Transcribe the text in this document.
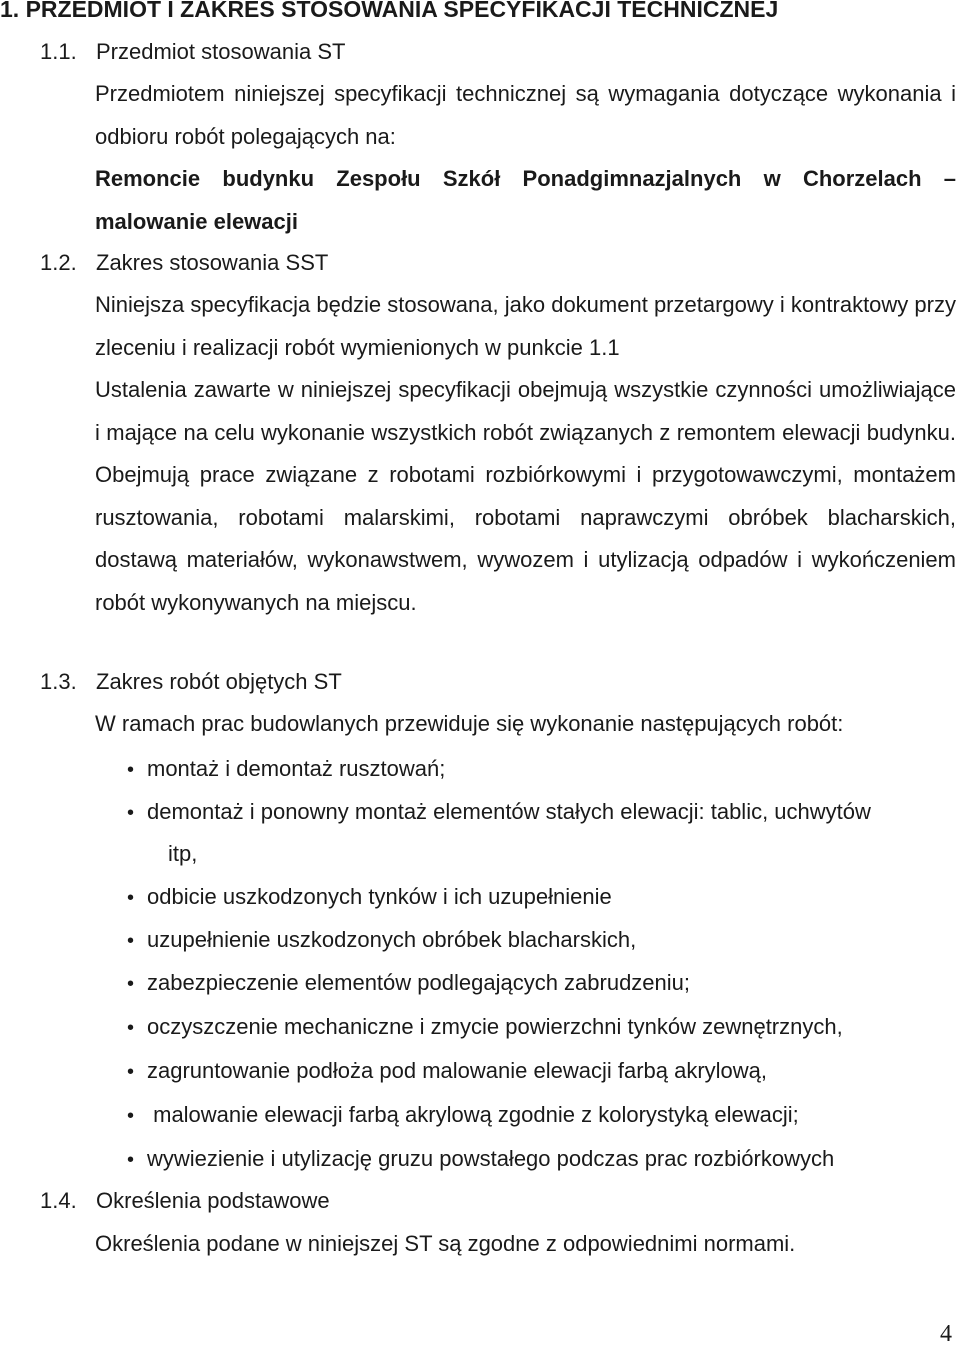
1. PRZEDMIOT I ZAKRES STOSOWANIA SPECYFIKACJI TECHNICZNEJ
1.1. Przedmiot stosowania ST

Przedmiotem niniejszej specyfikacji technicznej są wymagania dotyczące wykonania i odbioru robót polegających na:

Remoncie budynku Zespołu Szkół Ponadgimnazjalnych w Chorzelach – malowanie elewacji

1.2. Zakres stosowania SST

Niniejsza specyfikacja będzie stosowana, jako dokument przetargowy i kontraktowy przy zleceniu i realizacji robót wymienionych w punkcie 1.1

Ustalenia zawarte w niniejszej specyfikacji obejmują wszystkie czynności umożliwiające i mające na celu wykonanie wszystkich robót związanych z remontem elewacji budynku. Obejmują prace związane z robotami rozbiórkowymi i przygotowawczymi, montażem rusztowania, robotami malarskimi, robotami naprawczymi obróbek blacharskich, dostawą materiałów, wykonawstwem, wywozem i utylizacją odpadów i wykończeniem robót wykonywanych na miejscu.

1.3. Zakres robót objętych ST
W ramach prac budowlanych przewiduje się wykonanie następujących robót:
• montaż i demontaż rusztowań;
• demontaż i ponowny montaż elementów stałych elewacji: tablic, uchwytów
itp,
• odbicie uszkodzonych tynków i ich uzupełnienie
• uzupełnienie uszkodzonych obróbek blacharskich,
• zabezpieczenie elementów podlegających zabrudzeniu;
• oczyszczenie mechaniczne i zmycie powierzchni tynków zewnętrznych,
• zagruntowanie podłoża pod malowanie elewacji farbą akrylową,
• malowanie elewacji farbą akrylową zgodnie z kolorystyką elewacji;
• wywiezienie i utylizację gruzu powstałego podczas prac rozbiórkowych
1.4. Określenia podstawowe
Określenia podane w niniejszej ST są zgodne z odpowiednimi normami.
4
